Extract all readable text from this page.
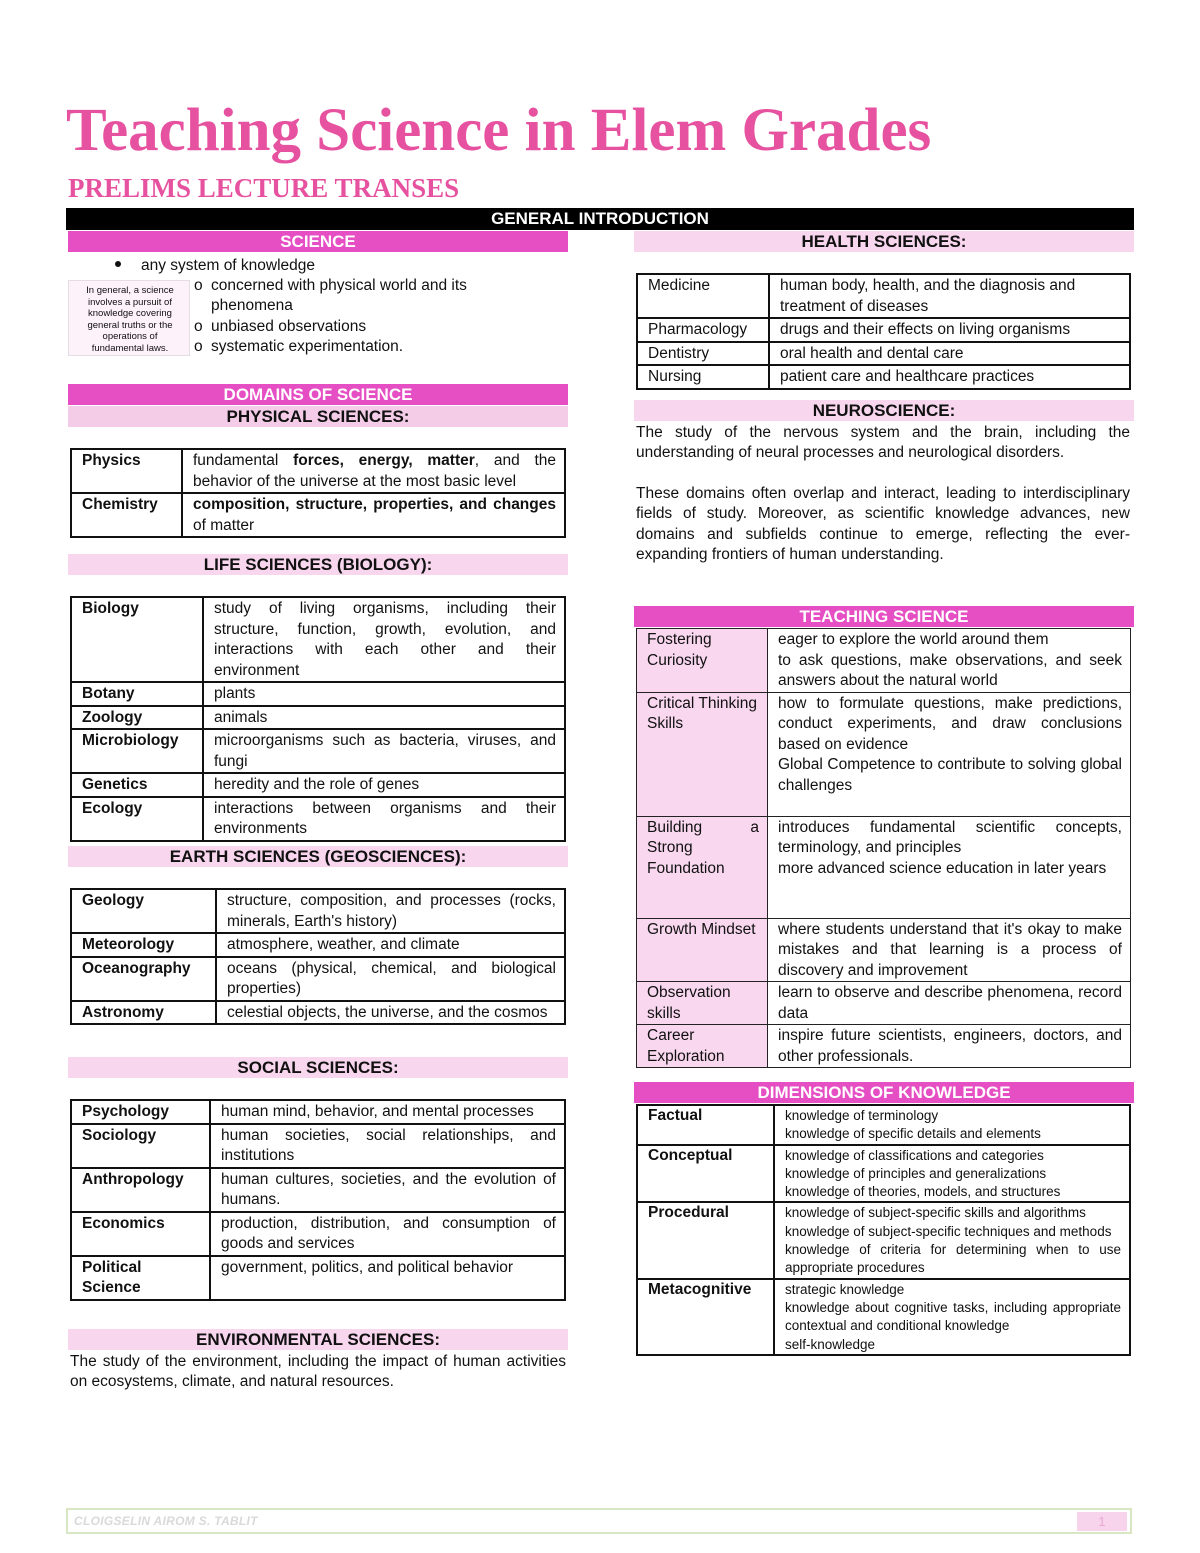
Teaching Science in Elem Grades
PRELIMS LECTURE TRANSES
GENERAL INTRODUCTION
SCIENCE
In general, a science
involves a pursuit of
knowledge covering
general truths or the
operations of
fundamental laws.
any system of knowledge
o concerned with physical world and its phenomena
o unbiased observations
o systematic experimentation.
DOMAINS OF SCIENCE
PHYSICAL SCIENCES:
Physics	fundamental forces, energy, matter, and the behavior of the universe at the most basic level
Chemistry	composition, structure, properties, and changes of matter
LIFE SCIENCES (BIOLOGY):
Biology	study of living organisms, including their structure, function, growth, evolution, and interactions with each other and their environment
Botany	plants
Zoology	animals
Microbiology	microorganisms such as bacteria, viruses, and fungi
Genetics	heredity and the role of genes
Ecology	interactions between organisms and their environments
EARTH SCIENCES (GEOSCIENCES):
Geology	structure, composition, and processes (rocks, minerals, Earth's history)
Meteorology	atmosphere, weather, and climate
Oceanography	oceans (physical, chemical, and biological properties)
Astronomy	celestial objects, the universe, and the cosmos
SOCIAL SCIENCES:
Psychology	human mind, behavior, and mental processes
Sociology	human societies, social relationships, and institutions
Anthropology	human cultures, societies, and the evolution of humans.
Economics	production, distribution, and consumption of goods and services
Political Science	government, politics, and political behavior
ENVIRONMENTAL SCIENCES:
The study of the environment, including the impact of human activities on ecosystems, climate, and natural resources.
HEALTH SCIENCES:
Medicine	human body, health, and the diagnosis and treatment of diseases
Pharmacology	drugs and their effects on living organisms
Dentistry	oral health and dental care
Nursing	patient care and healthcare practices
NEUROSCIENCE:
The study of the nervous system and the brain, including the understanding of neural processes and neurological disorders.
These domains often overlap and interact, leading to interdisciplinary fields of study. Moreover, as scientific knowledge advances, new domains and subfields continue to emerge, reflecting the ever-expanding frontiers of human understanding.
TEACHING SCIENCE
Fostering Curiosity	eager to explore the world around them
to ask questions, make observations, and seek answers about the natural world

Critical Thinking Skills	how to formulate questions, make predictions, conduct experiments, and draw conclusions based on evidence
Global Competence to contribute to solving global challenges

Building a Strong Foundation	introduces fundamental scientific concepts, terminology, and principles
more advanced science education in later years

Growth Mindset	where students understand that it's okay to make mistakes and that learning is a process of discovery and improvement

Observation skills	learn to observe and describe phenomena, record data

Career Exploration	inspire future scientists, engineers, doctors, and other professionals.
DIMENSIONS OF KNOWLEDGE
Factual	knowledge of terminology
knowledge of specific details and elements

Conceptual	knowledge of classifications and categories
knowledge of principles and generalizations
knowledge of theories, models, and structures

Procedural	knowledge of subject-specific skills and algorithms
knowledge of subject-specific techniques and methods
knowledge of criteria for determining when to use appropriate procedures

Metacognitive	strategic knowledge
knowledge about cognitive tasks, including appropriate contextual and conditional knowledge
self-knowledge
CLOIGSELIN AIROM S. TABLIT	1
